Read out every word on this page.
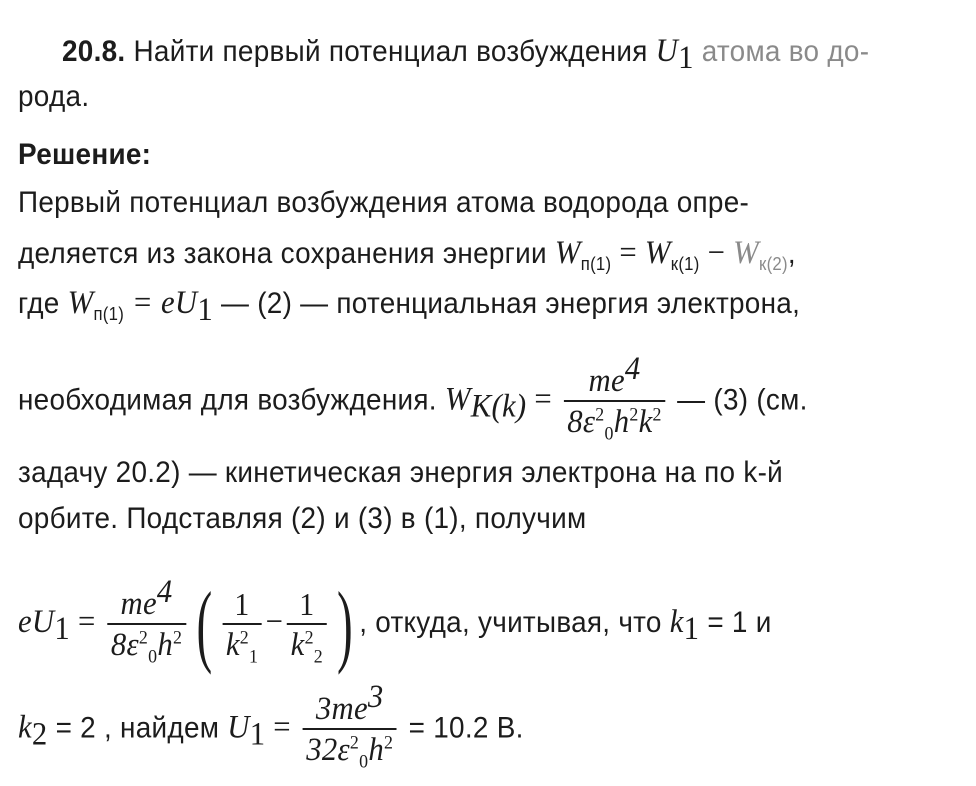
20.8. Найти первый потенциал возбуждения $U_1$ атома во до-
рода.
Решение:
Первый потенциал возбуждения атома водорода опре-
деляется из закона сохранения энергии $W_{п(1)} = W_{к(1)} - W_{к(2)}$,
где $W_{п(1)} = eU_1$ — (2) — потенциальная энергия электрона,
необходимая для возбуждения. $W_{K(k)} = \frac{me^4}{8\varepsilon^2_0h^2k^2}$ — (3) (см.
задачу 20.2) — кинетическая энергия электрона на по k-й
орбите. Подставляя (2) и (3) в (1), получим
$eU_1 = \frac{me^4}{8\varepsilon^2_0h^2}$ ( $\frac{1}{k^2_1} - \frac{1}{k^2_2}$ ) , откуда, учитывая, что $k_1 = 1$ и
$k_2 = 2$ , найдем $U_1 = \frac{3me^3}{32\varepsilon^2_0h^2} = 10.2$ В.
